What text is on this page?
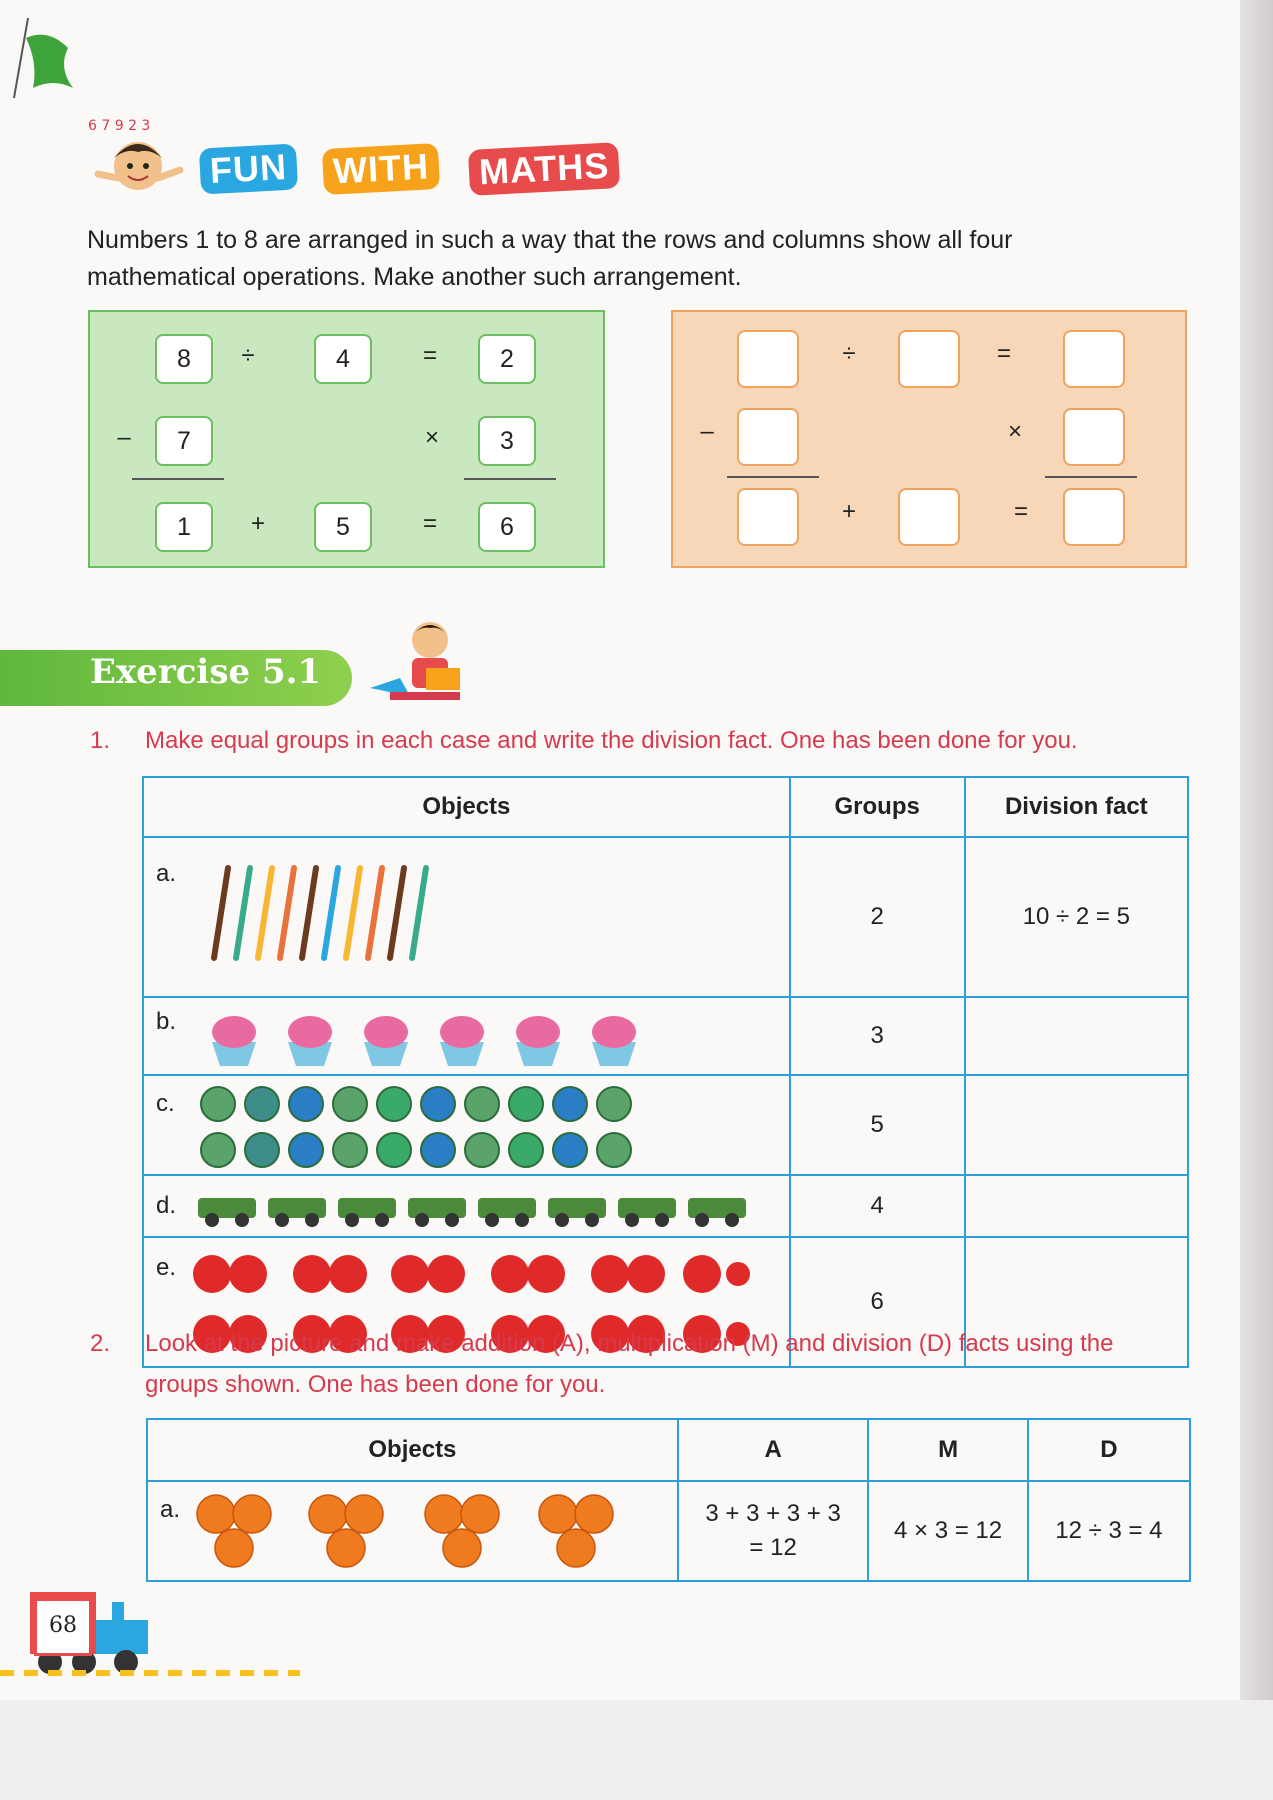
6 7 9 2 3
FUN WITH MATHS
Numbers 1 to 8 are arranged in such a way that the rows and columns show all four mathematical operations. Make another such arrangement.
8	÷	4	=	2
–	7	×	3
1	+	5	=	6
÷	=
–	×
+	=
Exercise 5.1
1. Make equal groups in each case and write the division fact. One has been done for you.
Objects	Groups	Division fact

a.	2	10 ÷ 2 = 5

b.	3	

c.	5	

d.	4	

e.	6	
2. Look at the picture and make addition (A), multiplication (M) and division (D) facts using the groups shown. One has been done for you.
Objects	A	M	D

a.	3 + 3 + 3 + 3
= 12	4 × 3 = 12	12 ÷ 3 = 4
68
